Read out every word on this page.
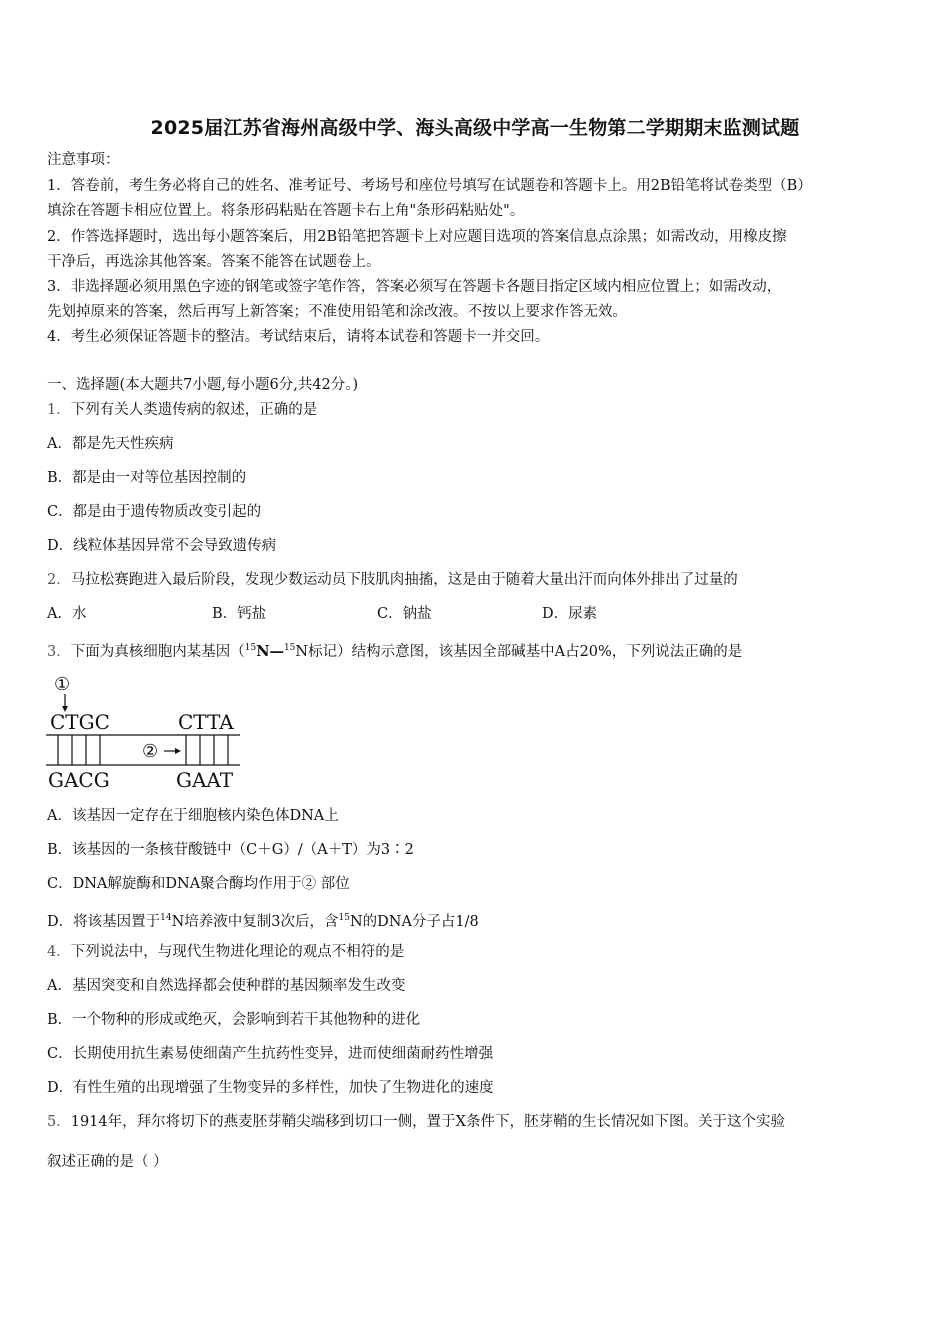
2025届江苏省海州高级中学、海头高级中学高一生物第二学期期末监测试题
注意事项：
1．答卷前，考生务必将自己的姓名、准考证号、考场号和座位号填写在试题卷和答题卡上。用2B铅笔将试卷类型（B）
填涂在答题卡相应位置上。将条形码粘贴在答题卡右上角"条形码粘贴处"。
2．作答选择题时，选出每小题答案后，用2B铅笔把答题卡上对应题目选项的答案信息点涂黑；如需改动，用橡皮擦
干净后，再选涂其他答案。答案不能答在试题卷上。
3．非选择题必须用黑色字迹的钢笔或签字笔作答，答案必须写在答题卡各题目指定区域内相应位置上；如需改动，
先划掉原来的答案，然后再写上新答案；不准使用铅笔和涂改液。不按以上要求作答无效。
4．考生必须保证答题卡的整洁。考试结束后，请将本试卷和答题卡一并交回。
一、选择题(本大题共7小题,每小题6分,共42分。)
1．下列有关人类遗传病的叙述，正确的是
A．都是先天性疾病
B．都是由一对等位基因控制的
C．都是由于遗传物质改变引起的
D．线粒体基因异常不会导致遗传病
2．马拉松赛跑进入最后阶段，发现少数运动员下肢肌肉抽搐，这是由于随着大量出汗而向体外排出了过量的
A．水	B．钙盐	C．钠盐	D．尿素
3．下面为真核细胞内某基因（$^{15}$N—$^{15}$N标记）结构示意图，该基因全部碱基中A占20%，下列说法正确的是
①
CTGC	CTTA
②
GACG	GAAT
A．该基因一定存在于细胞核内染色体DNA上
B．该基因的一条核苷酸链中（C＋G）/（A＋T）为3∶2
C．DNA解旋酶和DNA聚合酶均作用于② 部位
D．将该基因置于$^{14}$N培养液中复制3次后，含$^{15}$N的DNA分子占1/8
4．下列说法中，与现代生物进化理论的观点不相符的是
A．基因突变和自然选择都会使种群的基因频率发生改变
B．一个物种的形成或绝灭，会影响到若干其他物种的进化
C．长期使用抗生素易使细菌产生抗药性变异，进而使细菌耐药性增强
D．有性生殖的出现增强了生物变异的多样性，加快了生物进化的速度
5．1914年，拜尔将切下的燕麦胚芽鞘尖端移到切口一侧，置于X条件下，胚芽鞘的生长情况如下图。关于这个实验
叙述正确的是（ ）
